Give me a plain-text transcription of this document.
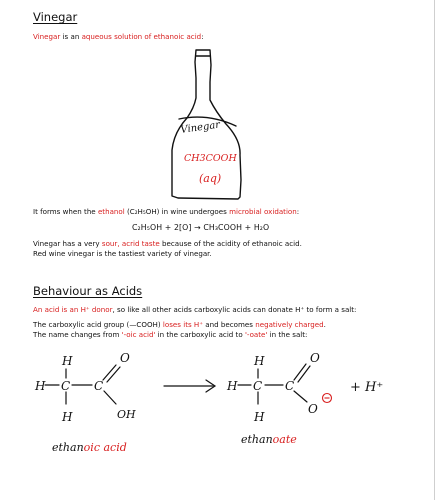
Vinegar
Vinegar is an aqueous solution of ethanoic acid:
Vinegar
CH3COOH
(aq)
It forms when the ethanol (C₂H₅OH) in wine undergoes microbial oxidation:
C₂H₅OH + 2[O] → CH₃COOH + H₂O
Vinegar has a very sour, acrid taste because of the acidity of ethanoic acid.
Red wine vinegar is the tastiest variety of vinegar.
Behaviour as Acids
An acid is an H⁺ donor, so like all other acids carboxylic acids can donate H⁺ to form a salt:
The carboxylic acid group (—COOH) loses its H⁺ and becomes negatively charged.
The name changes from '-oic acid' in the carboxylic acid to '-oate' in the salt:
H
H C C
H
O
OH
H
H C C
H
O
O
+ H⁺
ethanoic acid
ethanoate
